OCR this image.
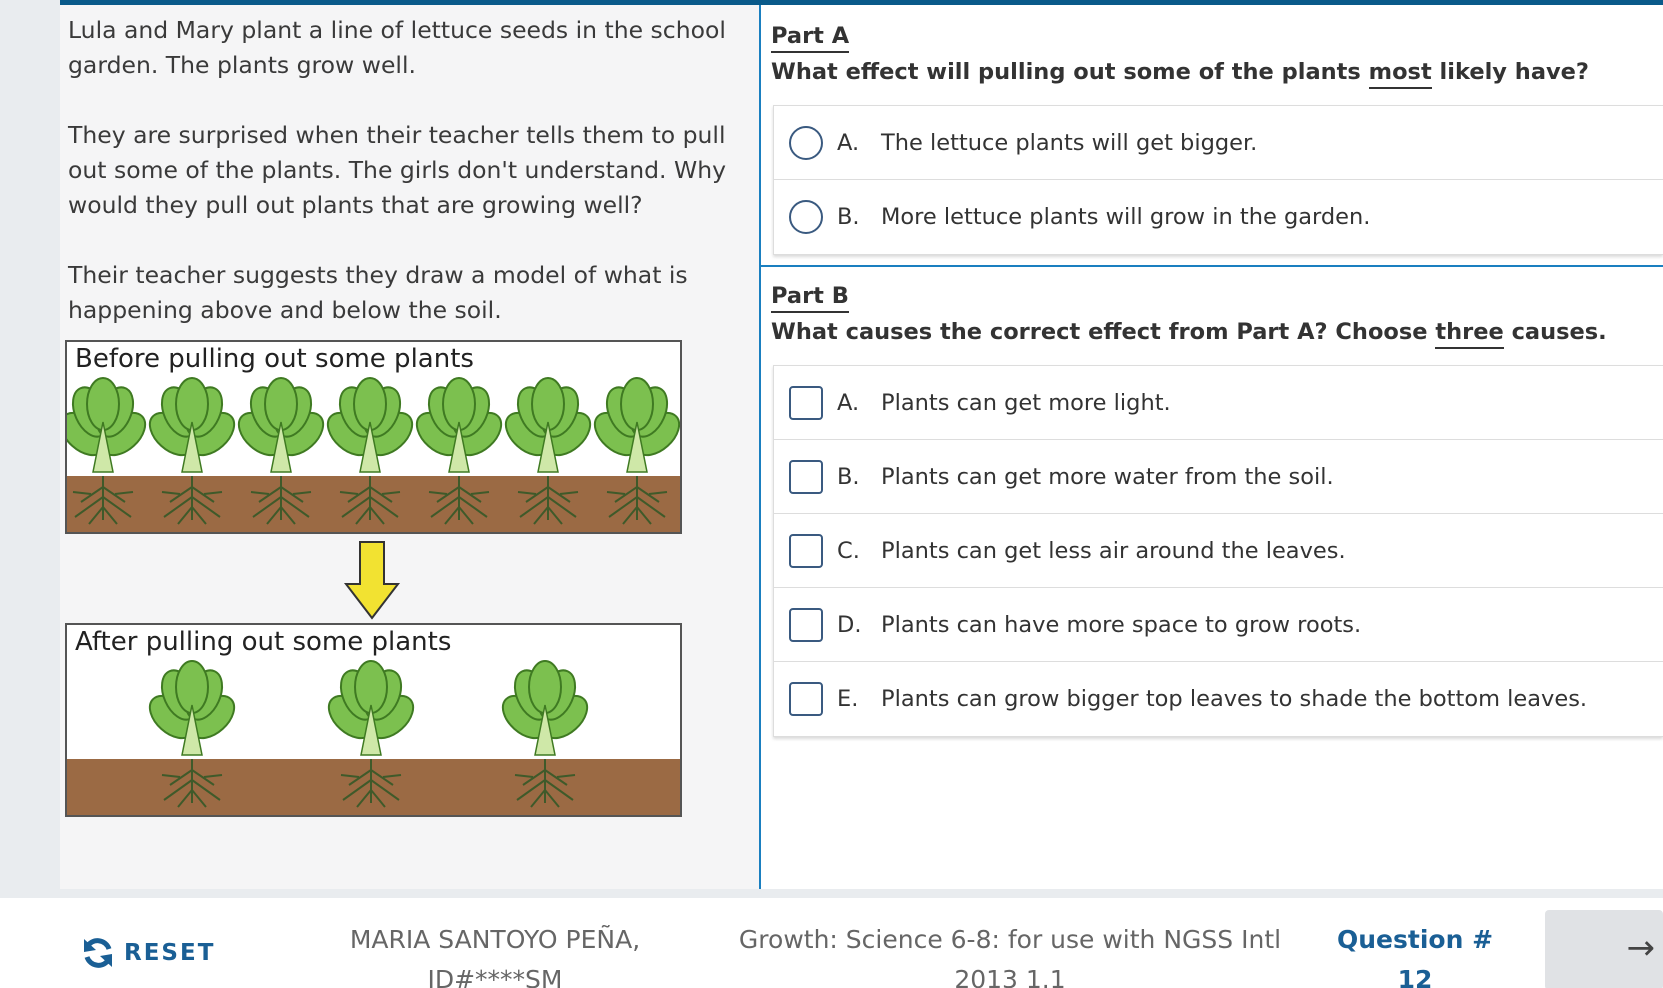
Lula and Mary plant a line of lettuce seeds in the school garden. The plants grow well.

They are surprised when their teacher tells them to pull out some of the plants. The girls don't understand. Why would they pull out plants that are growing well?

Their teacher suggests they draw a model of what is happening above and below the soil.

Before pulling out some plants
After pulling out some plants
Part A
What effect will pulling out some of the plants most likely have?
A. The lettuce plants will get bigger.
B. More lettuce plants will grow in the garden.
Part B
What causes the correct effect from Part A? Choose three causes.
A. Plants can get more light.
B. Plants can get more water from the soil.
C. Plants can get less air around the leaves.
D. Plants can have more space to grow roots.
E.	Plants can grow bigger top leaves to shade the bottom leaves.
RESET	MARIA SANTOYO PEÑA,
ID#****SM
Growth: Science 6-8: for use with NGSS Intl
2013 1.1
Question #
12
→
